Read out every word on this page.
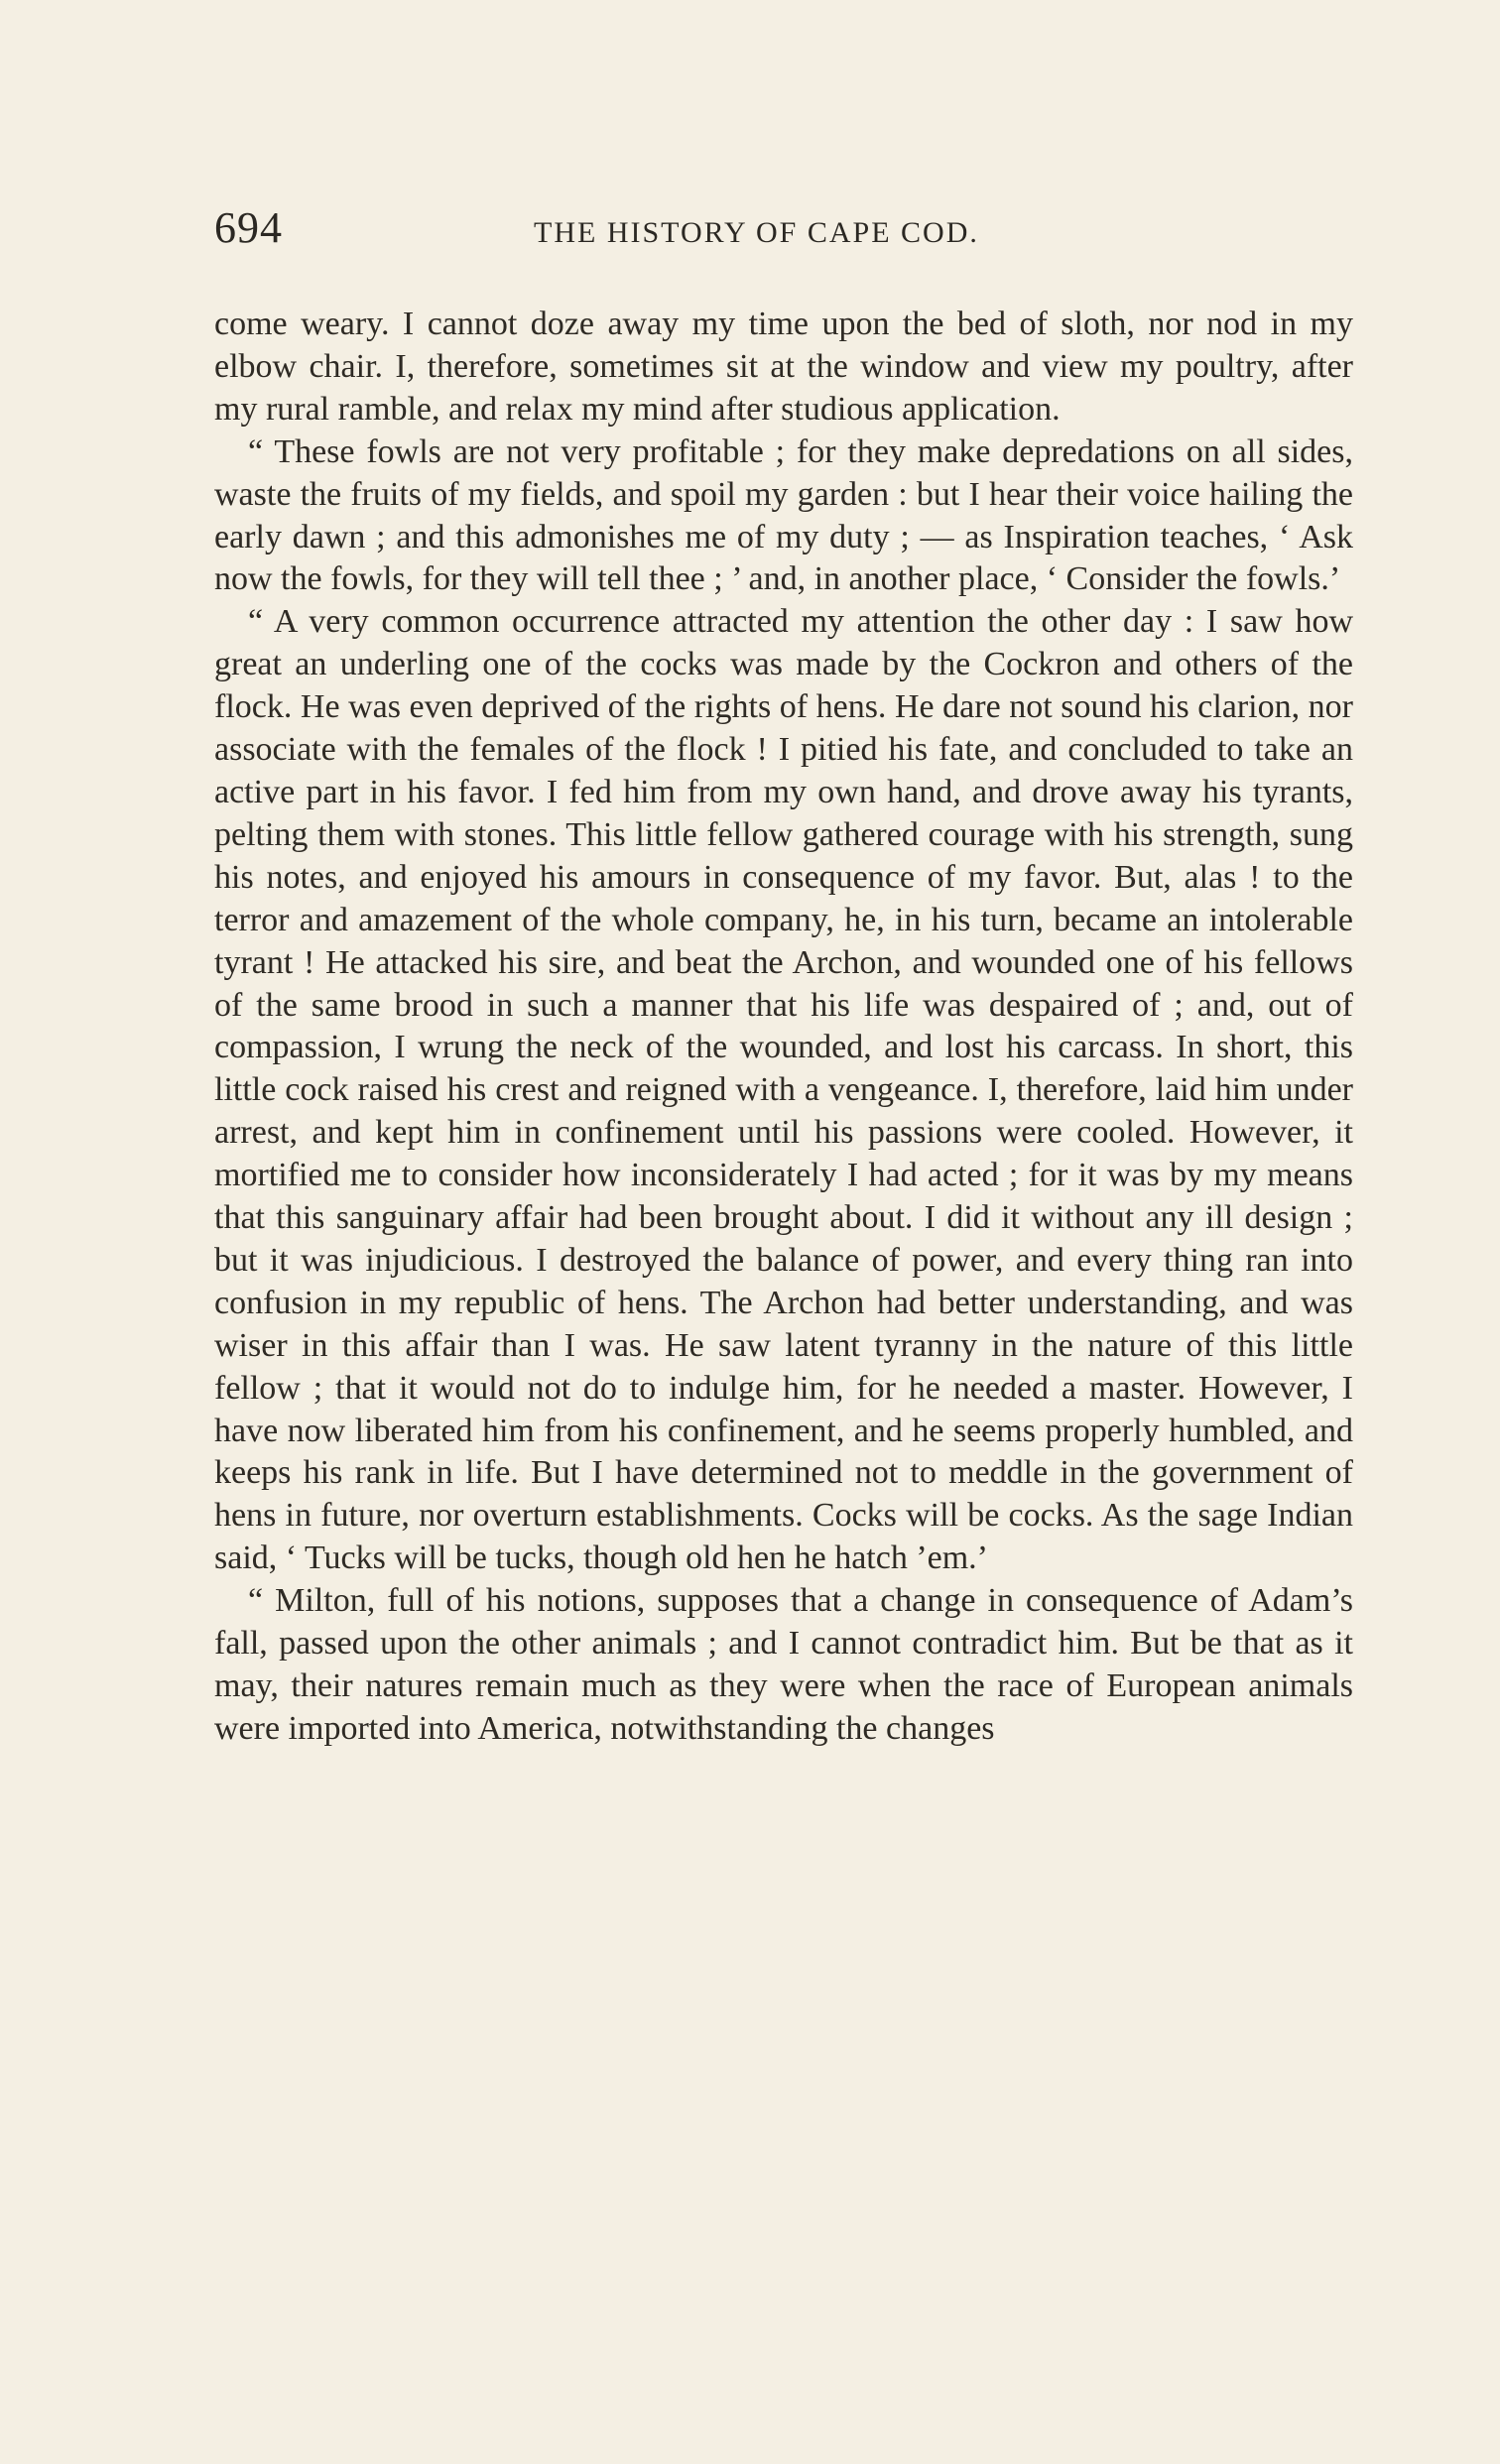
694	THE HISTORY OF CAPE COD.

come weary. I cannot doze away my time upon the bed of sloth, nor nod in my elbow chair. I, therefore, sometimes sit at the window and view my poultry, after my rural ramble, and relax my mind after studious application.

“ These fowls are not very profitable ; for they make depredations on all sides, waste the fruits of my fields, and spoil my garden : but I hear their voice hailing the early dawn ; and this admonishes me of my duty ; — as Inspiration teaches, ‘ Ask now the fowls, for they will tell thee ; ’ and, in another place, ‘ Consider the fowls.’

“ A very common occurrence attracted my attention the other day : I saw how great an underling one of the cocks was made by the Cockron and others of the flock. He was even deprived of the rights of hens. He dare not sound his clarion, nor associate with the females of the flock ! I pitied his fate, and concluded to take an active part in his favor. I fed him from my own hand, and drove away his tyrants, pelting them with stones. This little fellow gathered courage with his strength, sung his notes, and enjoyed his amours in consequence of my favor. But, alas ! to the terror and amazement of the whole company, he, in his turn, became an intolerable tyrant ! He attacked his sire, and beat the Archon, and wounded one of his fellows of the same brood in such a manner that his life was despaired of ; and, out of compassion, I wrung the neck of the wounded, and lost his carcass. In short, this little cock raised his crest and reigned with a vengeance. I, therefore, laid him under arrest, and kept him in confinement until his passions were cooled. However, it mortified me to consider how inconsiderately I had acted ; for it was by my means that this sanguinary affair had been brought about. I did it without any ill design ; but it was injudicious. I destroyed the balance of power, and every thing ran into confusion in my republic of hens. The Archon had better understanding, and was wiser in this affair than I was. He saw latent tyranny in the nature of this little fellow ; that it would not do to indulge him, for he needed a master. However, I have now liberated him from his confinement, and he seems properly humbled, and keeps his rank in life. But I have determined not to meddle in the government of hens in future, nor overturn establishments. Cocks will be cocks. As the sage Indian said, ‘ Tucks will be tucks, though old hen he hatch ’em.’

“ Milton, full of his notions, supposes that a change in consequence of Adam’s fall, passed upon the other animals ; and I cannot contradict him. But be that as it may, their natures remain much as they were when the race of European animals were imported into America, notwithstanding the changes
